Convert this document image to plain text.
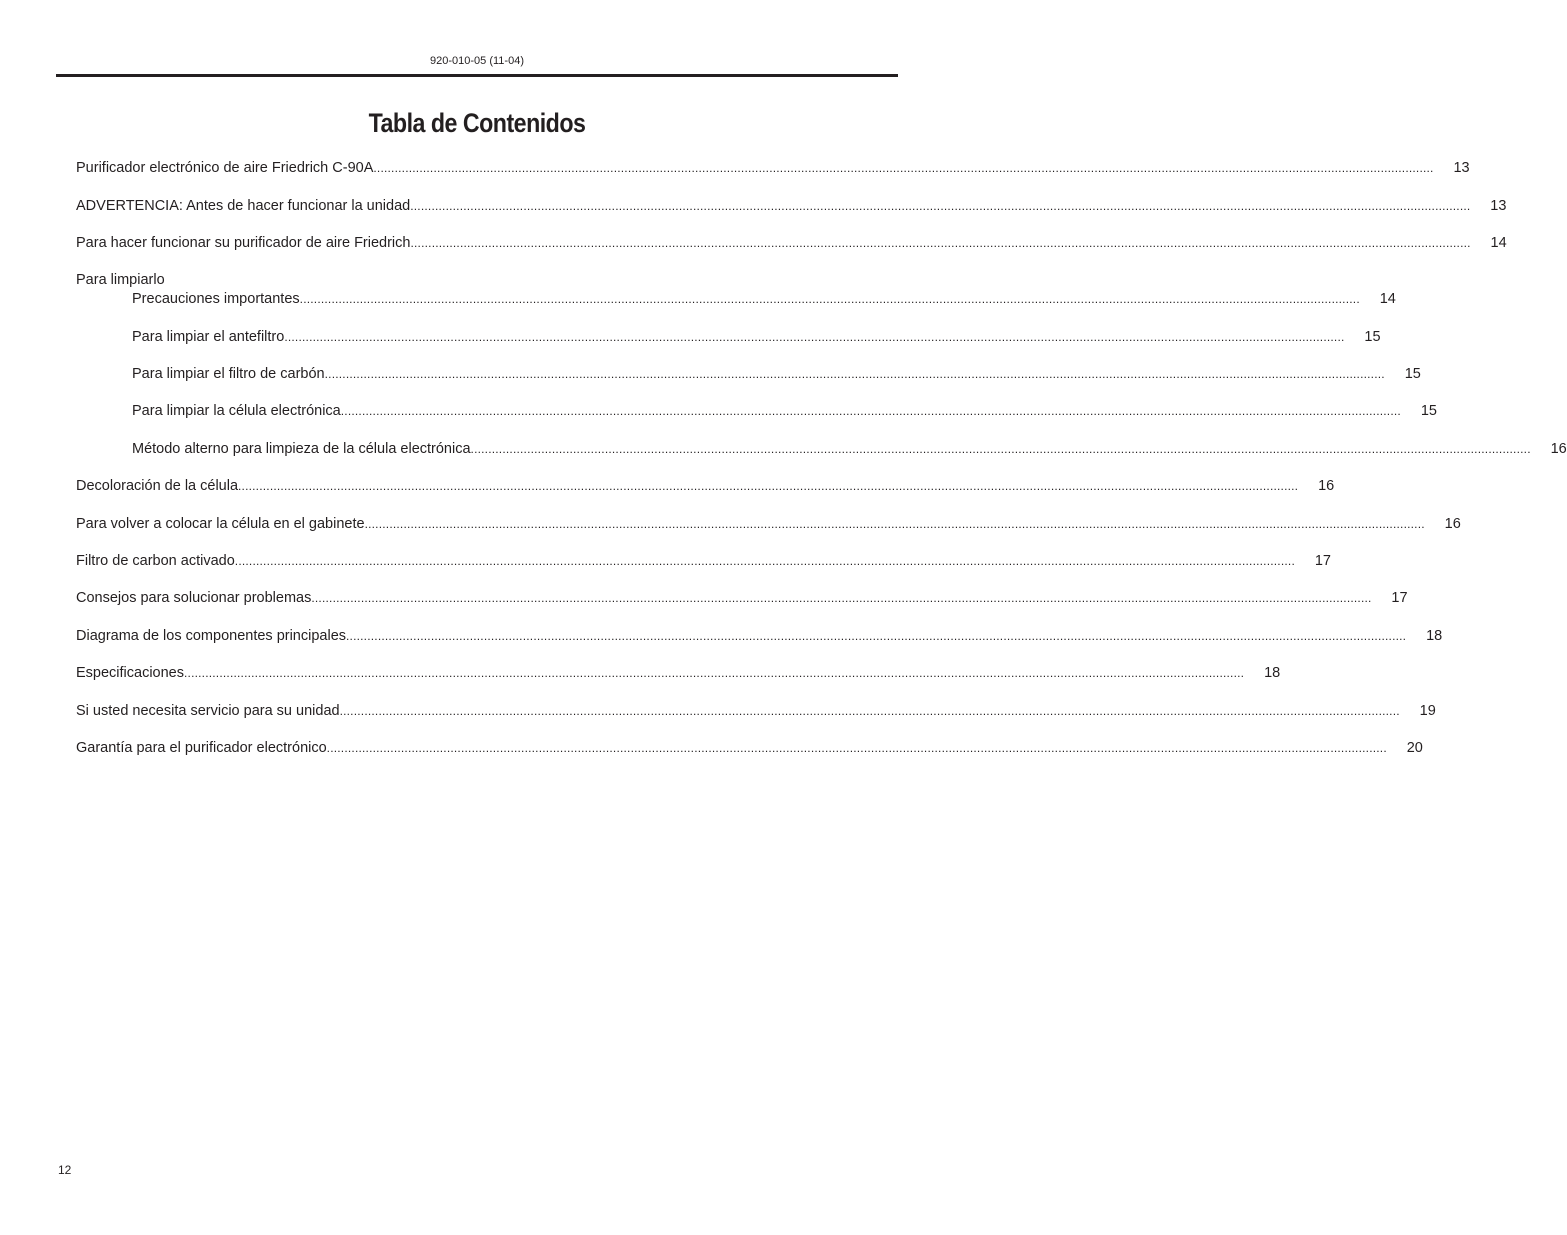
920-010-05 (11-04)
Tabla de Contenidos
Purificador electrónico de aire Friedrich C-90A ............................................................................................................................................................................................................................................................................................................ 13
ADVERTENCIA: Antes de hacer funcionar la unidad ............................................................................................................................................................................................................................................................................................................ 13
Para hacer funcionar su purificador de aire Friedrich ............................................................................................................................................................................................................................................................................................................ 14
Para limpiarlo
Precauciones importantes ............................................................................................................................................................................................................................................................................................................ 14
Para limpiar el antefiltro ............................................................................................................................................................................................................................................................................................................ 15
Para limpiar el filtro de carbón ............................................................................................................................................................................................................................................................................................................ 15
Para limpiar la célula electrónica ............................................................................................................................................................................................................................................................................................................ 15
Método alterno para limpieza de la célula electrónica ............................................................................................................................................................................................................................................................................................................ 16
Decoloración de la célula ............................................................................................................................................................................................................................................................................................................ 16
Para volver a colocar la célula en el gabinete ............................................................................................................................................................................................................................................................................................................ 16
Filtro de carbon activado ............................................................................................................................................................................................................................................................................................................ 17
Consejos para solucionar problemas ............................................................................................................................................................................................................................................................................................................ 17
Diagrama de los componentes principales ............................................................................................................................................................................................................................................................................................................ 18
Especificaciones ............................................................................................................................................................................................................................................................................................................ 18
Si usted necesita servicio para su unidad ............................................................................................................................................................................................................................................................................................................ 19
Garantía para el purificador electrónico ............................................................................................................................................................................................................................................................................................................ 20
12
